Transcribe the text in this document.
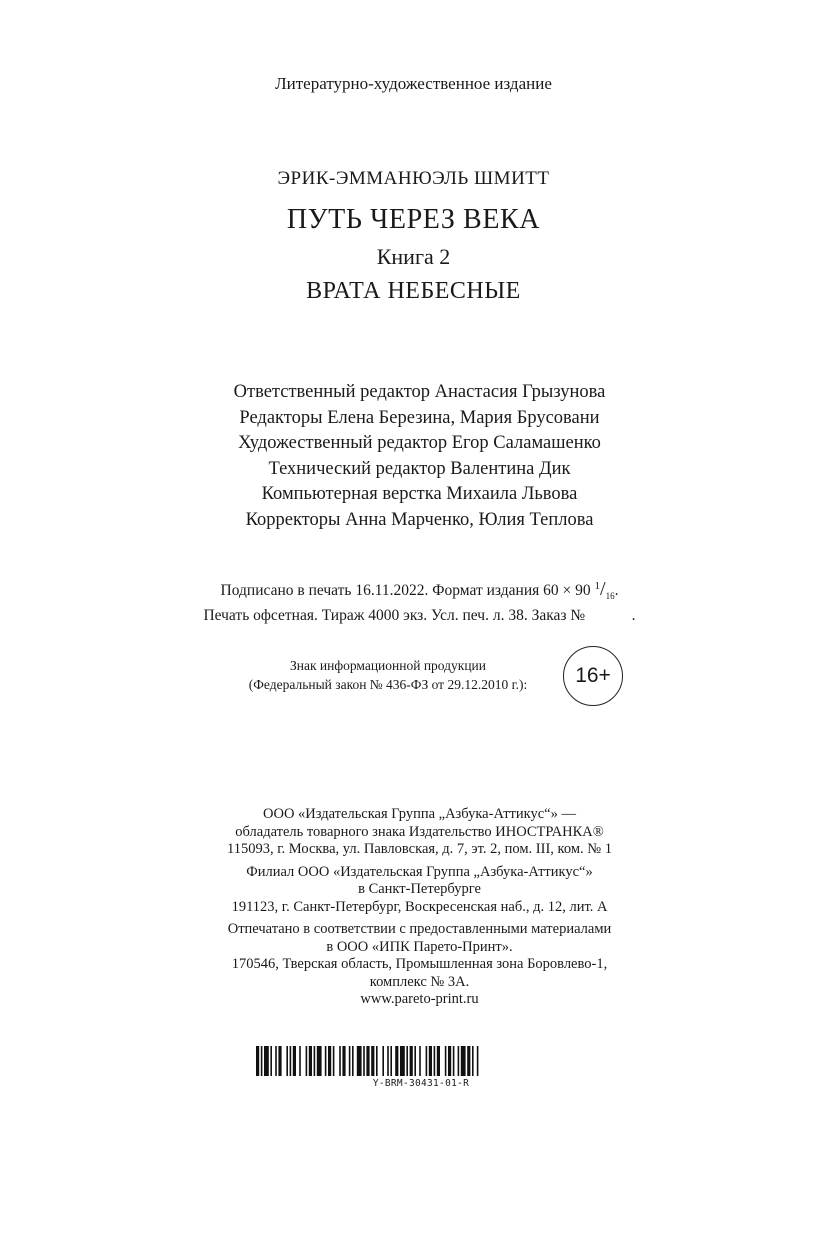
Литературно-художественное издание
ЭРИК-ЭММАНЮЭЛЬ ШМИТТ
ПУТЬ ЧЕРЕЗ ВЕКА
Книга 2
ВРАТА НЕБЕСНЫЕ
Ответственный редактор Анастасия Грызунова
Редакторы Елена Березина, Мария Брусовани
Художественный редактор Егор Саламашенко
Технический редактор Валентина Дик
Компьютерная верстка Михаила Львова
Корректоры Анна Марченко, Юлия Теплова
Подписано в печать 16.11.2022. Формат издания 60 × 90 $^1/_{16}$.
Печать офсетная. Тираж 4000 экз. Усл. печ. л. 38. Заказ №            .
Знак информационной продукции
(Федеральный закон № 436-ФЗ от 29.12.2010 г.):	16+
ООО «Издательская Группа „Азбука-Аттикус“» —
обладатель товарного знака Издательство ИНОСТРАНКА®
115093, г. Москва, ул. Павловская, д. 7, эт. 2, пом. III, ком. № 1
Филиал ООО «Издательская Группа „Азбука-Аттикус“»
в Санкт-Петербурге
191123, г. Санкт-Петербург, Воскресенская наб., д. 12, лит. А
Отпечатано в соответствии с предоставленными материалами
в ООО «ИПК Парето-Принт».
170546, Тверская область, Промышленная зона Боровлево-1,
комплекс № 3А.
www.pareto-print.ru
Y-BRM-30431-01-R
